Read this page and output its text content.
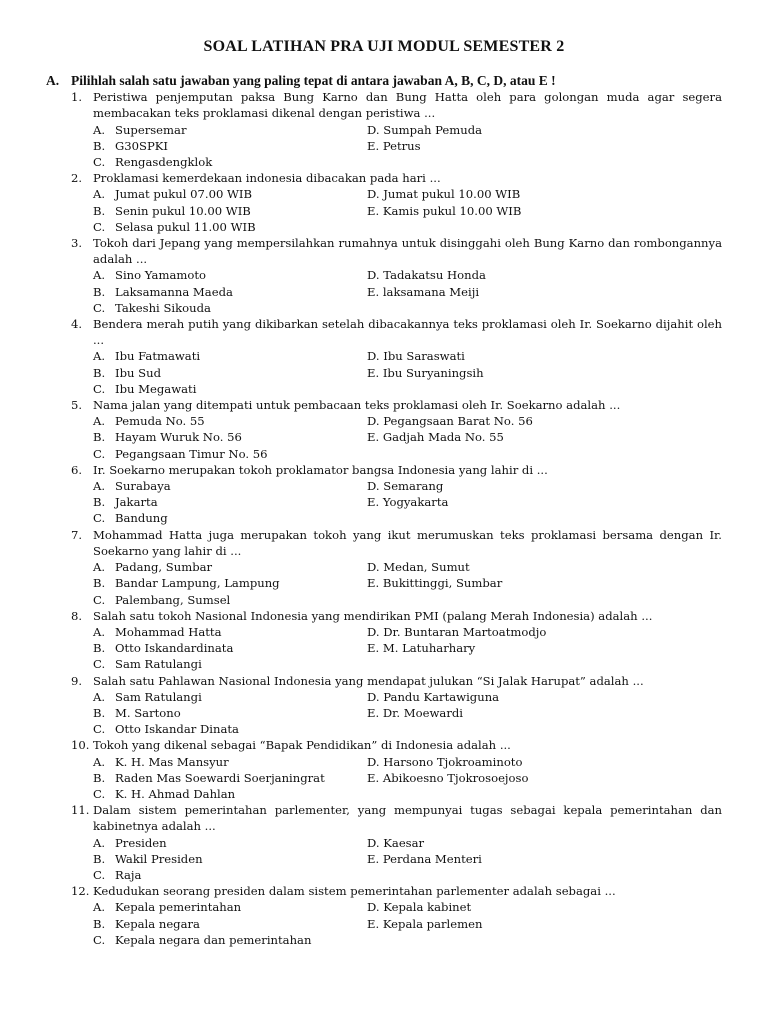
SOAL LATIHAN PRA UJI MODUL SEMESTER 2
A. Pilihlah salah satu jawaban yang paling tepat di antara jawaban A, B, C, D, atau E !
1. Peristiwa penjemputan paksa Bung Karno dan Bung Hatta oleh para golongan muda agar segera membacakan teks proklamasi dikenal dengan peristiwa ...
A. Supersemar	D. Sumpah Pemuda
B. G30SPKI	E. Petrus
C. Rengasdengklok
2. Proklamasi kemerdekaan indonesia dibacakan pada hari ...
A. Jumat pukul 07.00 WIB	D. Jumat pukul 10.00 WIB
B. Senin pukul 10.00 WIB	E. Kamis pukul 10.00 WIB
C. Selasa pukul 11.00 WIB
3. Tokoh dari Jepang yang mempersilahkan rumahnya untuk disinggahi oleh Bung Karno dan rombongannya adalah ...
A. Sino Yamamoto	D. Tadakatsu Honda
B. Laksamanna Maeda	E. laksamana Meiji
C. Takeshi Sikouda
4. Bendera merah putih yang dikibarkan setelah dibacakannya teks proklamasi oleh Ir. Soekarno dijahit oleh ...
A. Ibu Fatmawati	D. Ibu Saraswati
B. Ibu Sud	E. Ibu Suryaningsih
C. Ibu Megawati
5. Nama jalan yang ditempati untuk pembacaan teks proklamasi oleh Ir. Soekarno adalah ...
A. Pemuda No. 55	D. Pegangsaan Barat No. 56
B. Hayam Wuruk No. 56	E. Gadjah Mada No. 55
C. Pegangsaan Timur No. 56
6. Ir. Soekarno merupakan tokoh proklamator bangsa Indonesia yang lahir di ...
A. Surabaya	D. Semarang
B. Jakarta	E. Yogyakarta
C. Bandung
7. Mohammad Hatta juga merupakan tokoh yang ikut merumuskan teks proklamasi bersama dengan Ir. Soekarno yang lahir di ...
A. Padang, Sumbar	D. Medan, Sumut
B. Bandar Lampung, Lampung	E. Bukittinggi, Sumbar
C. Palembang, Sumsel
8. Salah satu tokoh Nasional Indonesia yang mendirikan PMI (palang Merah Indonesia) adalah ...
A. Mohammad Hatta	D. Dr. Buntaran Martoatmodjo
B. Otto Iskandardinata	E. M. Latuharhary
C. Sam Ratulangi
9. Salah satu Pahlawan Nasional Indonesia yang mendapat julukan “Si Jalak Harupat” adalah ...
A. Sam Ratulangi	D. Pandu Kartawiguna
B. M. Sartono	E. Dr. Moewardi
C. Otto Iskandar Dinata
10. Tokoh yang dikenal sebagai “Bapak Pendidikan” di Indonesia adalah ...
A. K. H. Mas Mansyur	D. Harsono Tjokroaminoto
B. Raden Mas Soewardi Soerjaningrat	E. Abikoesno Tjokrosoejoso
C. K. H. Ahmad Dahlan
11. Dalam sistem pemerintahan parlementer, yang mempunyai tugas sebagai kepala pemerintahan dan kabinetnya adalah ...
A. Presiden	D. Kaesar
B. Wakil Presiden	E. Perdana Menteri
C. Raja
12. Kedudukan seorang presiden dalam sistem pemerintahan parlementer adalah sebagai ...
A. Kepala pemerintahan	D. Kepala kabinet
B. Kepala negara	E. Kepala parlemen
C. Kepala negara dan pemerintahan
